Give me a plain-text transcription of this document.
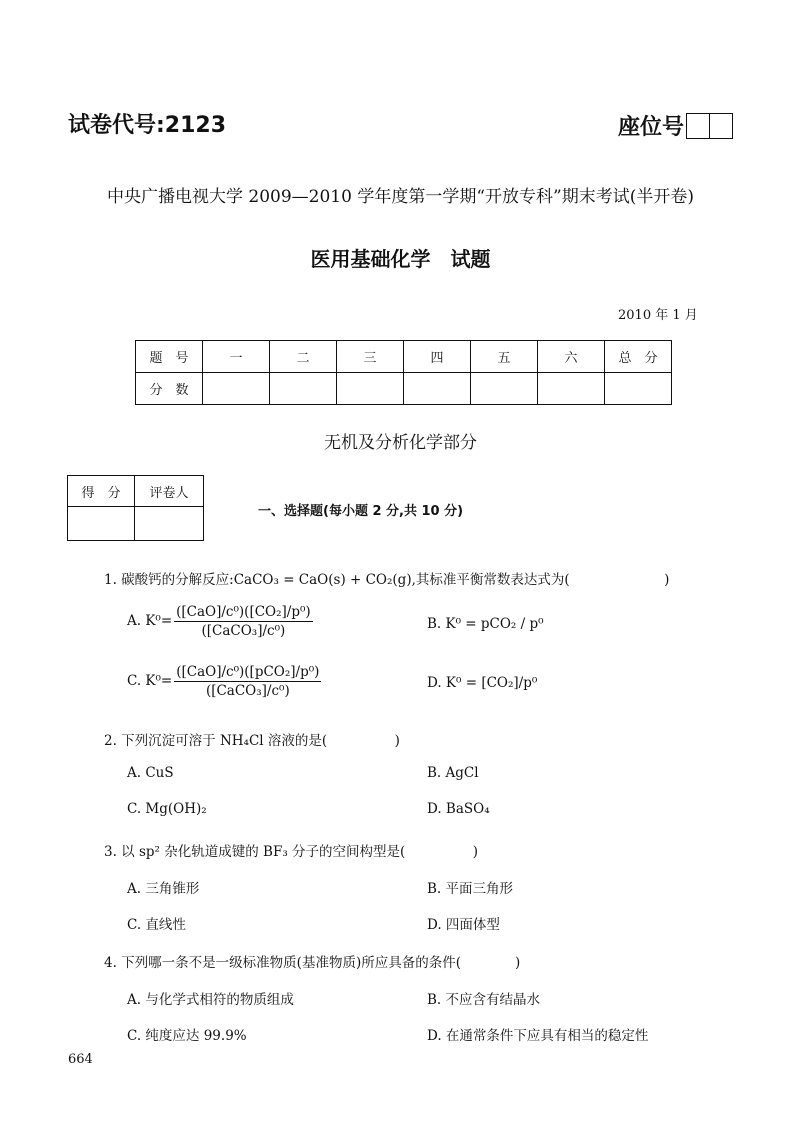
试卷代号:2123	座位号
中央广播电视大学 2009—2010 学年度第一学期“开放专科”期末考试(半开卷)
医用基础化学　试题
2010 年 1 月
题　号	一	二	三	四	五	六	总　分
分　数							
无机及分析化学部分
得　分	评卷人

一、选择题(每小题 2 分,共 10 分)
1. 碳酸钙的分解反应:CaCO₃ = CaO(s) + CO₂(g),其标准平衡常数表达式为(　　　　　　　)
A. $K^0= \frac{\text{([CaO]/c⁰)([CO₂]/p⁰)}}{\text{([CaCO₃]/c⁰)}}$	B. K⁰ = pCO₂ / p⁰
C. $K^0= \frac{\text{([CaO]/c⁰)([pCO₂]/p⁰)}}{\text{([CaCO₃]/c⁰)}}$	D. K⁰ = [CO₂]/p⁰
2. 下列沉淀可溶于 NH₄Cl 溶液的是(　　　　　)
A. CuS	B. AgCl
C. Mg(OH)₂	D. BaSO₄
3. 以 sp² 杂化轨道成键的 BF₃ 分子的空间构型是(　　　　　)
A. 三角锥形	B. 平面三角形
C. 直线性	D. 四面体型
4. 下列哪一条不是一级标准物质(基准物质)所应具备的条件(　　　　)
A. 与化学式相符的物质组成	B. 不应含有结晶水
C. 纯度应达 99.9%	D. 在通常条件下应具有相当的稳定性
664
